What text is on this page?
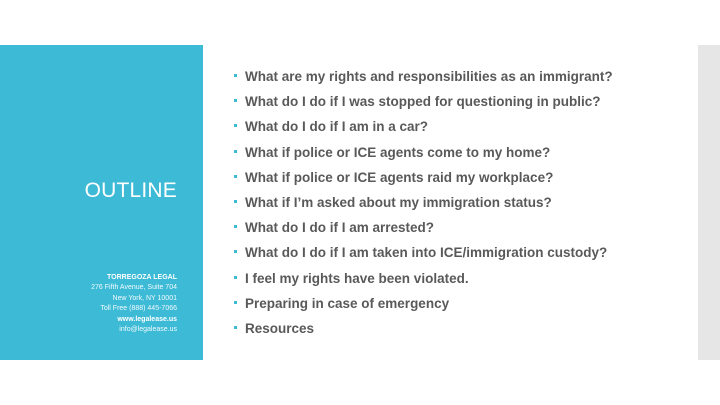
OUTLINE
TORREGOZA LEGAL
276 Fifth Avenue, Suite 704
New York, NY 10001
Toll Free (888) 445-7066
www.legalease.us
info@legalease.us
What are my rights and responsibilities as an immigrant?
What do I do if I was stopped for questioning in public?
What do I do if I am in a car?
What if police or ICE agents come to my home?
What if police or ICE agents raid my workplace?
What if I’m asked about my immigration status?
What do I do if I am arrested?
What do I do if I am taken into ICE/immigration custody?
I feel my rights have been violated.
Preparing in case of emergency
Resources
